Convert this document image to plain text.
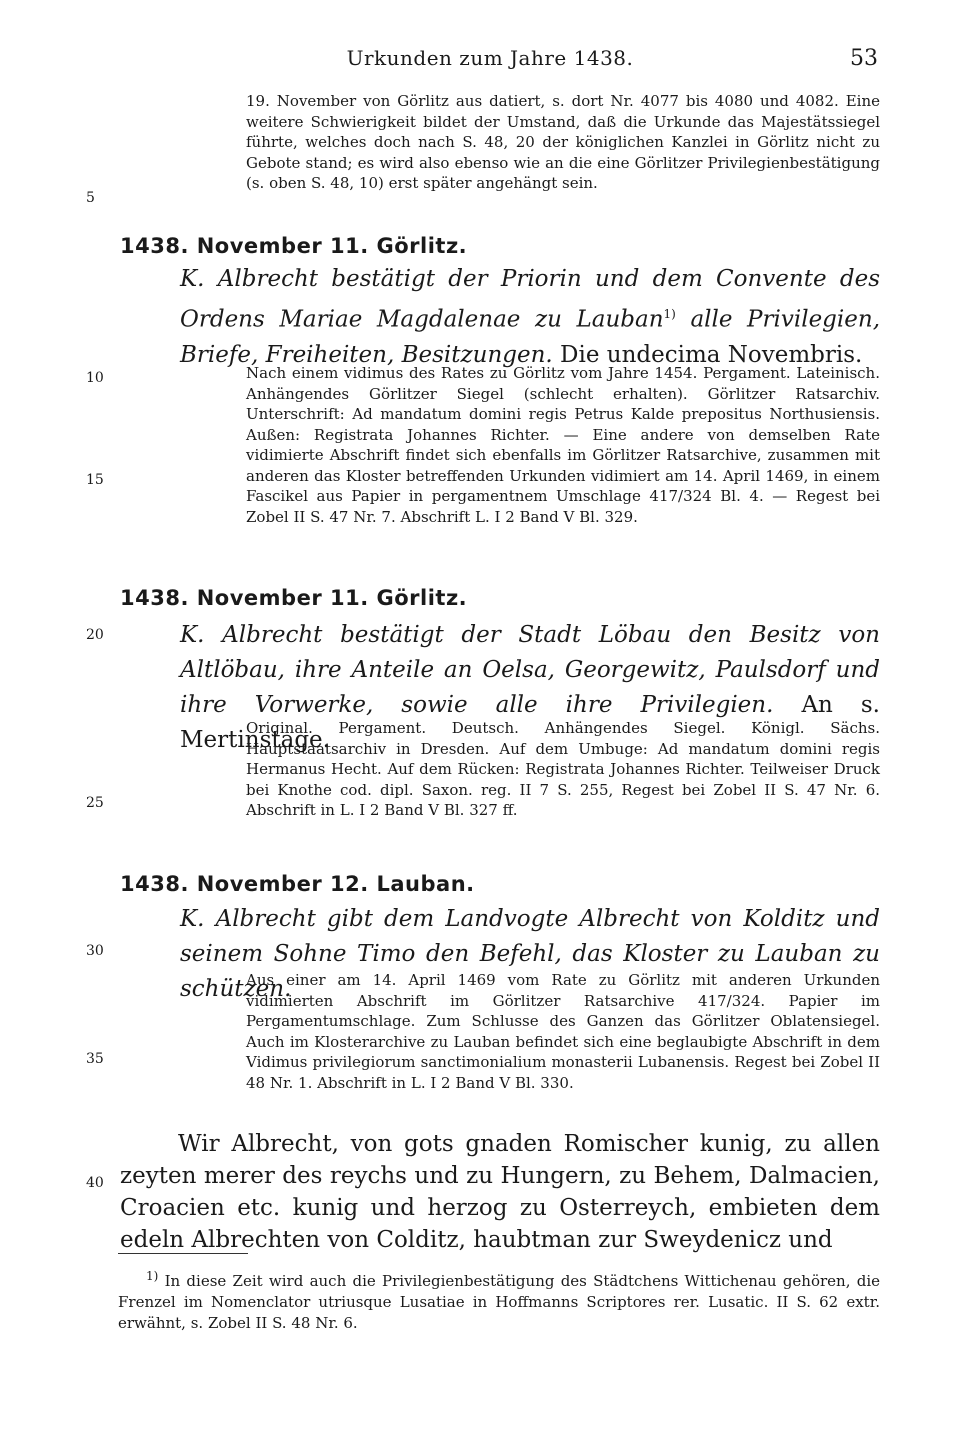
Urkunden zum Jahre 1438.	53
5
10
15
20
25
30
35
40
19. November von Görlitz aus datiert, s. dort Nr. 4077 bis 4080 und 4082. Eine weitere Schwierigkeit bildet der Umstand, daß die Urkunde das Majestätssiegel führte, welches doch nach S. 48, 20 der königlichen Kanzlei in Görlitz nicht zu Gebote stand; es wird also ebenso wie an die eine Görlitzer Privilegienbestätigung (s. oben S. 48, 10) erst später angehängt sein.
1438. November 11. Görlitz.
K. Albrecht bestätigt der Priorin und dem Convente des Ordens Mariae Magdalenae zu Lauban$^{1)}$ alle Privilegien, Briefe, Freiheiten, Besitzungen. Die undecima Novembris.
Nach einem vidimus des Rates zu Görlitz vom Jahre 1454. Pergament. Lateinisch. Anhängendes Görlitzer Siegel (schlecht erhalten). Görlitzer Ratsarchiv. Unterschrift: Ad mandatum domini regis Petrus Kalde prepositus Northusiensis. Außen: Registrata Johannes Richter. — Eine andere von demselben Rate vidimierte Abschrift findet sich ebenfalls im Görlitzer Ratsarchive, zusammen mit anderen das Kloster betreffenden Urkunden vidimiert am 14. April 1469, in einem Fascikel aus Papier in pergamentnem Umschlage 417/324 Bl. 4. — Regest bei Zobel II S. 47 Nr. 7. Abschrift L. I 2 Band V Bl. 329.
1438. November 11. Görlitz.
K. Albrecht bestätigt der Stadt Löbau den Besitz von Altlöbau, ihre Anteile an Oelsa, Georgewitz, Paulsdorf und ihre Vorwerke, sowie alle ihre Privilegien. An s. Mertinstage.
Original. Pergament. Deutsch. Anhängendes Siegel. Königl. Sächs. Hauptstaatsarchiv in Dresden. Auf dem Umbuge: Ad mandatum domini regis Hermanus Hecht. Auf dem Rücken: Registrata Johannes Richter. Teilweiser Druck bei Knothe cod. dipl. Saxon. reg. II 7 S. 255, Regest bei Zobel II S. 47 Nr. 6. Abschrift in L. I 2 Band V Bl. 327 ff.
1438. November 12. Lauban.
K. Albrecht gibt dem Landvogte Albrecht von Kolditz und seinem Sohne Timo den Befehl, das Kloster zu Lauban zu schützen.
Aus einer am 14. April 1469 vom Rate zu Görlitz mit anderen Urkunden vidimierten Abschrift im Görlitzer Ratsarchive 417/324. Papier im Pergamentumschlage. Zum Schlusse des Ganzen das Görlitzer Oblatensiegel. Auch im Klosterarchive zu Lauban befindet sich eine beglaubigte Abschrift in dem Vidimus privilegiorum sanctimonialium monasterii Lubanensis. Regest bei Zobel II 48 Nr. 1. Abschrift in L. I 2 Band V Bl. 330.
Wir Albrecht, von gots gnaden Romischer kunig, zu allen zeyten merer des reychs und zu Hungern, zu Behem, Dalmacien, Croacien etc. kunig und herzog zu Osterreych, embieten dem edeln Albrechten von Colditz, haubtman zur Sweydenicz und
$^{1)}$ In diese Zeit wird auch die Privilegienbestätigung des Städtchens Wittichenau gehören, die Frenzel im Nomenclator utriusque Lusatiae in Hoffmanns Scriptores rer. Lusatic. II S. 62 extr. erwähnt, s. Zobel II S. 48 Nr. 6.
